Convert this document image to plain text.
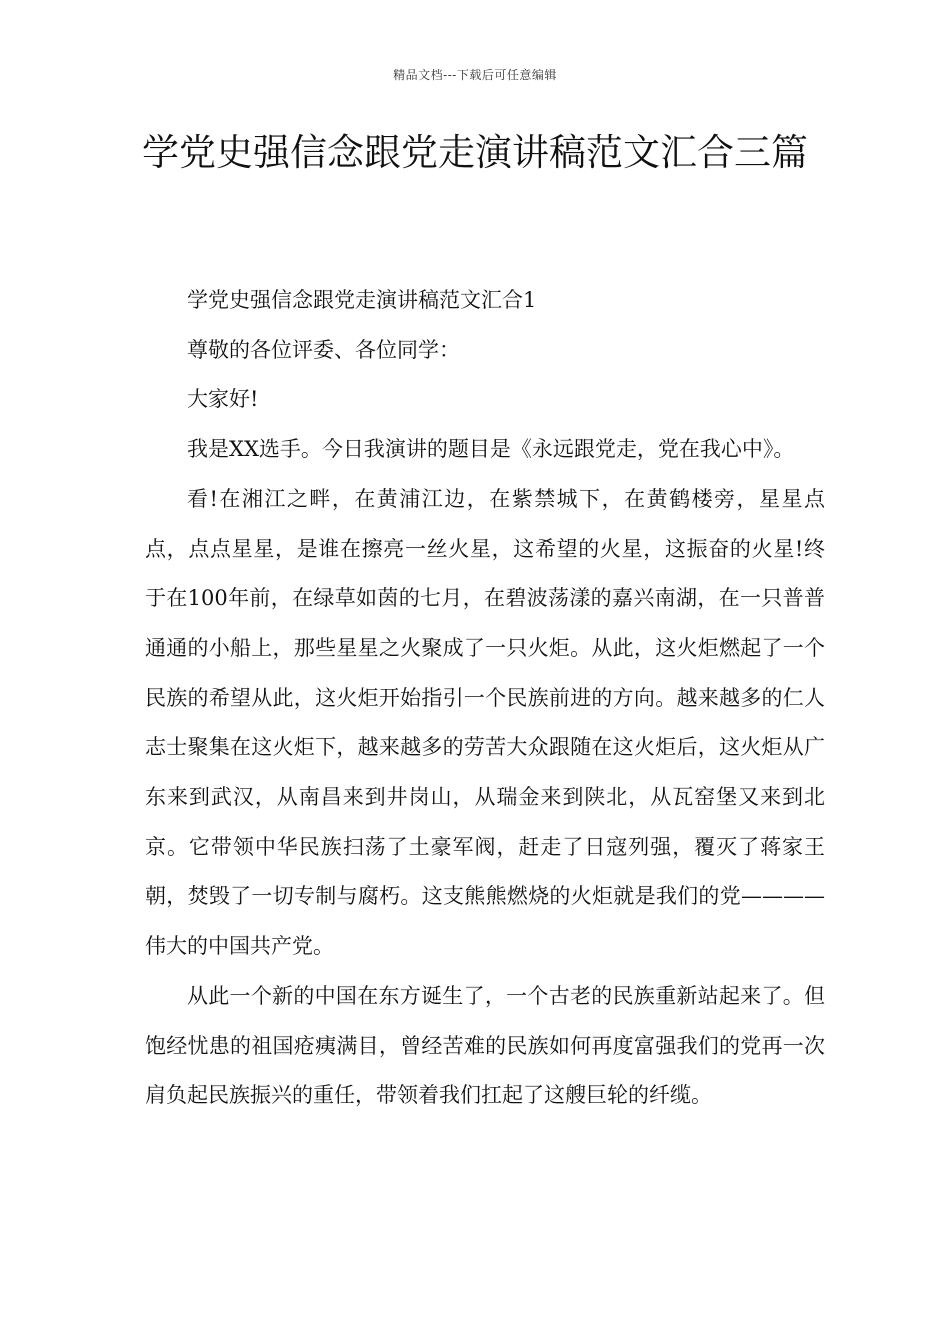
精品文档---下载后可任意编辑
学党史强信念跟党走演讲稿范文汇合三篇

学党史强信念跟党走演讲稿范文汇合1

尊敬的各位评委、各位同学：

大家好!

我是XX选手。今日我演讲的题目是《永远跟党走，党在我心中》。

看!在湘江之畔，在黄浦江边，在紫禁城下，在黄鹤楼旁，星星点点，点点星星，是谁在擦亮一丝火星，这希望的火星，这振奋的火星!终于在100年前，在绿草如茵的七月，在碧波荡漾的嘉兴南湖，在一只普普通通的小船上，那些星星之火聚成了一只火炬。从此，这火炬燃起了一个民族的希望从此，这火炬开始指引一个民族前进的方向。越来越多的仁人志士聚集在这火炬下，越来越多的劳苦大众跟随在这火炬后，这火炬从广东来到武汉，从南昌来到井岗山，从瑞金来到陕北，从瓦窑堡又来到北京。它带领中华民族扫荡了土豪军阀，赶走了日寇列强，覆灭了蒋家王朝，焚毁了一切专制与腐朽。这支熊熊燃烧的火炬就是我们的党————伟大的中国共产党。

从此一个新的中国在东方诞生了，一个古老的民族重新站起来了。但饱经忧患的祖国疮痍满目，曾经苦难的民族如何再度富强我们的党再一次肩负起民族振兴的重任，带领着我们扛起了这艘巨轮的纤缆。
